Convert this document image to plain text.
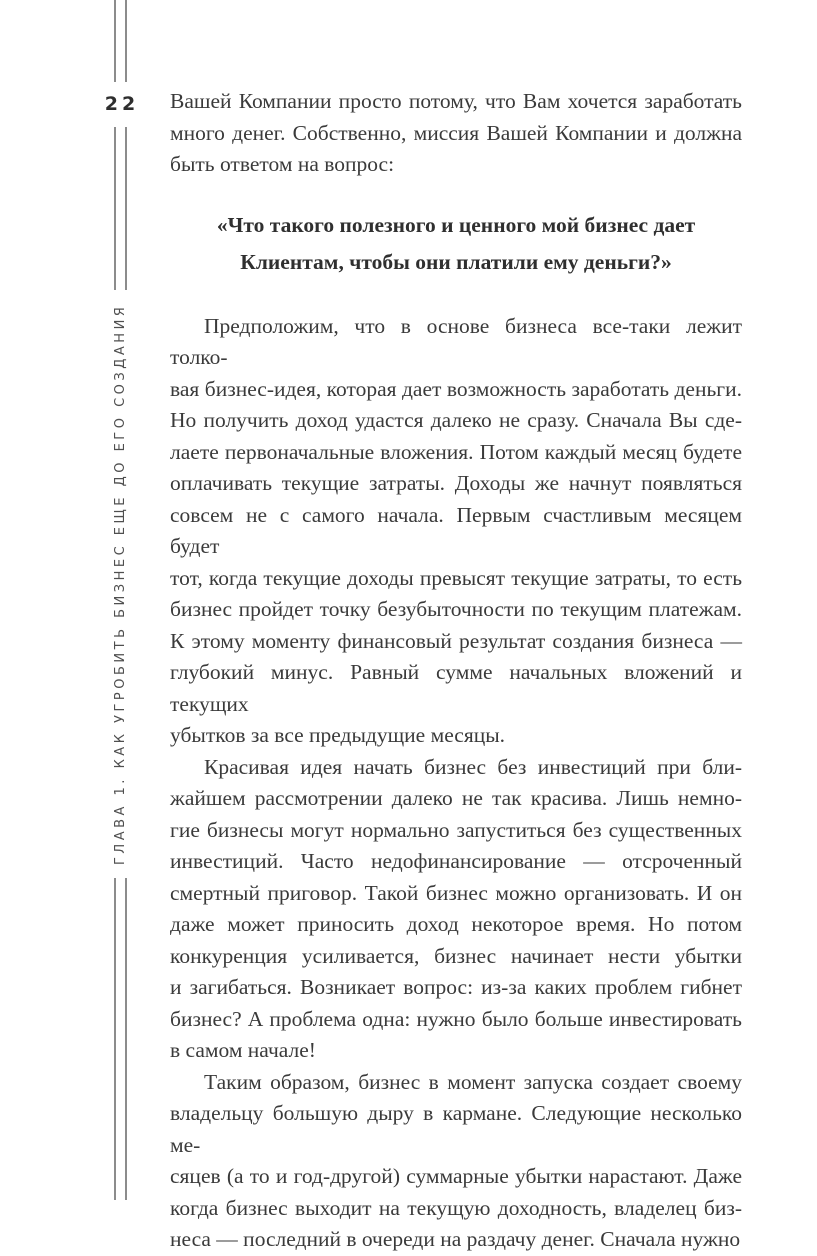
22
ГЛАВА 1. КАК УГРОБИТЬ БИЗНЕС ЕЩЕ ДО ЕГО СОЗДАНИЯ
Вашей Компании просто потому, что Вам хочется заработать
много денег. Собственно, миссия Вашей Компании и должна
быть ответом на вопрос:
«Что такого полезного и ценного мой бизнес дает
Клиентам, чтобы они платили ему деньги?»
Предположим, что в основе бизнеса все-таки лежит толко-
вая бизнес-идея, которая дает возможность заработать деньги.
Но получить доход удастся далеко не сразу. Сначала Вы сде-
лаете первоначальные вложения. Потом каждый месяц будете
оплачивать текущие затраты. Доходы же начнут появляться
совсем не с самого начала. Первым счастливым месяцем будет
тот, когда текущие доходы превысят текущие затраты, то есть
бизнес пройдет точку безубыточности по текущим платежам.
К этому моменту финансовый результат создания бизнеса —
глубокий минус. Равный сумме начальных вложений и текущих
убытков за все предыдущие месяцы.
Красивая идея начать бизнес без инвестиций при бли-
жайшем рассмотрении далеко не так красива. Лишь немно-
гие бизнесы могут нормально запуститься без существенных
инвестиций. Часто недофинансирование — отсроченный
смертный приговор. Такой бизнес можно организовать. И он
даже может приносить доход некоторое время. Но потом
конкуренция усиливается, бизнес начинает нести убытки
и загибаться. Возникает вопрос: из-за каких проблем гибнет
бизнес? А проблема одна: нужно было больше инвестировать
в самом начале!
Таким образом, бизнес в момент запуска создает своему
владельцу большую дыру в кармане. Следующие несколько ме-
сяцев (а то и год-другой) суммарные убытки нарастают. Даже
когда бизнес выходит на текущую доходность, владелец биз-
неса — последний в очереди на раздачу денег. Сначала нужно
